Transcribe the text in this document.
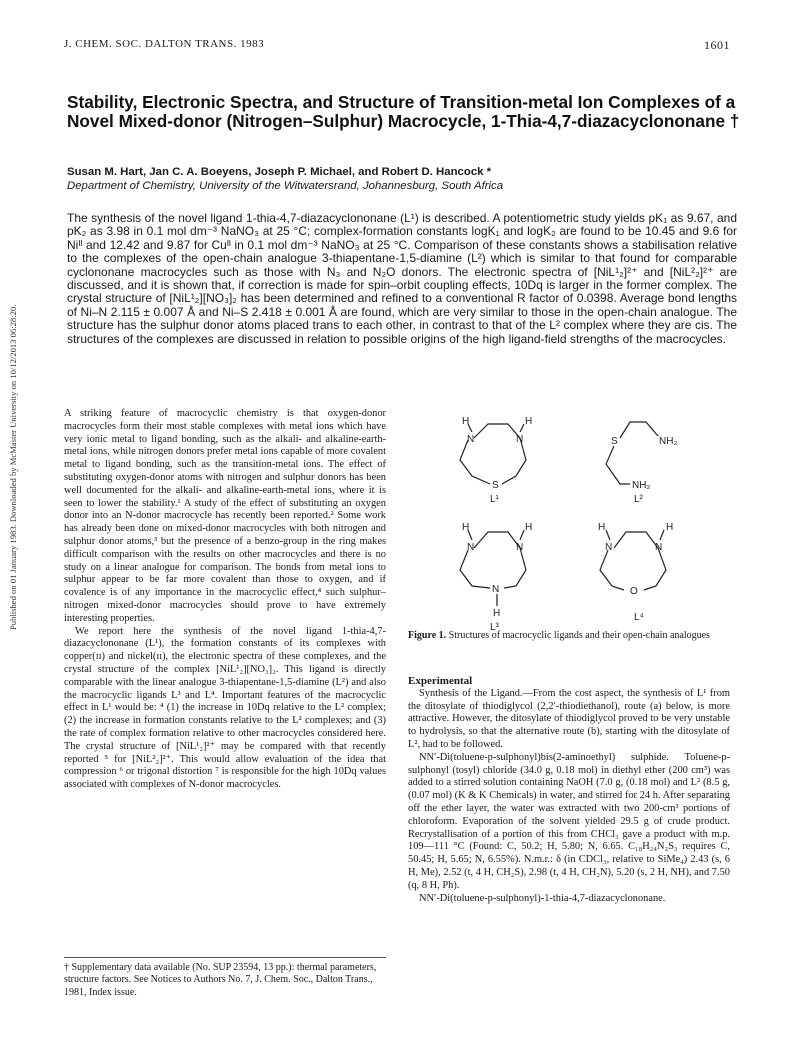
Published on 01 January 1983. Downloaded by McMaster University on 10/12/2013 06:28:20.
J. CHEM. SOC. DALTON TRANS. 1983	1601
Stability, Electronic Spectra, and Structure of Transition-metal Ion Complexes of a Novel Mixed-donor (Nitrogen–Sulphur) Macrocycle, 1-Thia-4,7-diazacyclononane †
Susan M. Hart, Jan C. A. Boeyens, Joseph P. Michael, and Robert D. Hancock *
Department of Chemistry, University of the Witwatersrand, Johannesburg, South Africa
The synthesis of the novel ligand 1-thia-4,7-diazacyclononane (L¹) is described. A potentiometric study yields pK₁ as 9.67, and pK₂ as 3.98 in 0.1 mol dm⁻³ NaNO₃ at 25 °C; complex-formation constants logK₁ and logK₂ are found to be 10.45 and 9.6 for Niᴵᴵ and 12.42 and 9.87 for Cuᴵᴵ in 0.1 mol dm⁻³ NaNO₃ at 25 °C. Comparison of these constants shows a stabilisation relative to the complexes of the open-chain analogue 3-thiapentane-1,5-diamine (L²) which is similar to that found for comparable cyclononane macrocycles such as those with N₃ and N₂O donors. The electronic spectra of [NiL¹₂]²⁺ and [NiL²₂]²⁺ are discussed, and it is shown that, if correction is made for spin–orbit coupling effects, 10Dq is larger in the former complex. The crystal structure of [NiL¹₂][NO₃]₂ has been determined and refined to a conventional R factor of 0.0398. Average bond lengths of Ni–N 2.115 ± 0.007 Å and Ni–S 2.418 ± 0.001 Å are found, which are very similar to those in the open-chain analogue. The structure has the sulphur donor atoms placed trans to each other, in contrast to that of the L² complex where they are cis. The structures of the complexes are discussed in relation to possible origins of the high ligand-field strengths of the macrocycles.

A striking feature of macrocyclic chemistry is that oxygen-donor macrocycles form their most stable complexes with metal ions which have very ionic metal to ligand bonding, such as the alkali- and alkaline-earth-metal ions, while nitrogen donors prefer metal ions capable of more covalent metal to ligand bonding, such as the transition-metal ions. The effect of substituting oxygen-donor atoms with nitrogen and sulphur donors has been well documented for the alkali- and alkaline-earth-metal ions, where it is seen to lower the stability.¹ A study of the effect of substituting an oxygen donor into an N-donor macrocycle has recently been reported.² Some work has already been done on mixed-donor macrocycles with both nitrogen and sulphur donor atoms,³ but the presence of a benzo-group in the ring makes difficult comparison with the results on other macrocycles and there is no study on a linear analogue for comparison. The bonds from metal ions to sulphur appear to be far more covalent than those to oxygen, and if covalence is of any importance in the macrocyclic effect,⁴ such sulphur–nitrogen mixed-donor macrocycles should prove to have extremely interesting properties.

We report here the synthesis of the novel ligand 1-thia-4,7-diazacyclononane (L¹), the formation constants of its complexes with copper(ɪɪ) and nickel(ɪɪ), the electronic spectra of these complexes, and the crystal structure of the complex [NiL¹₂][NO₃]₂. This ligand is directly comparable with the linear analogue 3-thiapentane-1,5-diamine (L²) and also the macrocyclic ligands L³ and L⁴. Important features of the macrocyclic effect in L¹ would be: ⁴ (1) the increase in 10Dq relative to the L² complex; (2) the increase in formation constants relative to the L² complexes; and (3) the rate of complex formation relative to other macrocycles considered here. The crystal structure of [NiL¹₂]²⁺ may be compared with that recently reported ⁵ for [NiL²₂]²⁺. This would allow evaluation of the idea that compression ⁶ or trigonal distortion ⁷ is responsible for the high 10Dq values associated with complexes of N-donor macrocycles.

† Supplementary data available (No. SUP 23594, 13 pp.): thermal parameters, structure factors. See Notices to Authors No. 7, J. Chem. Soc., Dalton Trans., 1981, Index issue.
H	H
N	N
S
L¹
S	NH₂
NH₂
L²
H	H
N	N
N
H
L³
H	H
N	N
O
L⁴
Figure 1. Structures of macrocyclic ligands and their open-chain analogues

Experimental

Synthesis of the Ligand.—From the cost aspect, the synthesis of L¹ from the ditosylate of thiodiglycol (2,2′-thiodiethanol), route (a) below, is more attractive. However, the ditosylate of thiodiglycol proved to be very unstable to hydrolysis, so that the alternative route (b), starting with the ditosylate of L², had to be followed.

NN′-Di(toluene-p-sulphonyl)bis(2-aminoethyl) sulphide. Toluene-p-sulphonyl (tosyl) chloride (34.0 g, 0.18 mol) in diethyl ether (200 cm³) was added to a stirred solution containing NaOH (7.0 g, (0.18 mol) and L² (8.5 g, (0.07 mol) (K & K Chemicals) in water, and stirred for 24 h. After separating off the ether layer, the water was extracted with two 200-cm³ portions of chloroform. Evaporation of the solvent yielded 29.5 g of crude product. Recrystallisation of a portion of this from CHCl₃ gave a product with m.p. 109—111 °C (Found: C, 50.2; H, 5.80; N, 6.65. C₁₈H₂₄N₂S₃ requires C, 50.45; H, 5.65; N, 6.55%). N.m.r.: δ (in CDCl₃, relative to SiMe₄) 2.43 (s, 6 H, Me), 2.52 (t, 4 H, CH₂S), 2.98 (t, 4 H, CH₂N), 5.20 (s, 2 H, NH), and 7.50 (q, 8 H, Ph).

NN′-Di(toluene-p-sulphonyl)-1-thia-4,7-diazacyclononane.
